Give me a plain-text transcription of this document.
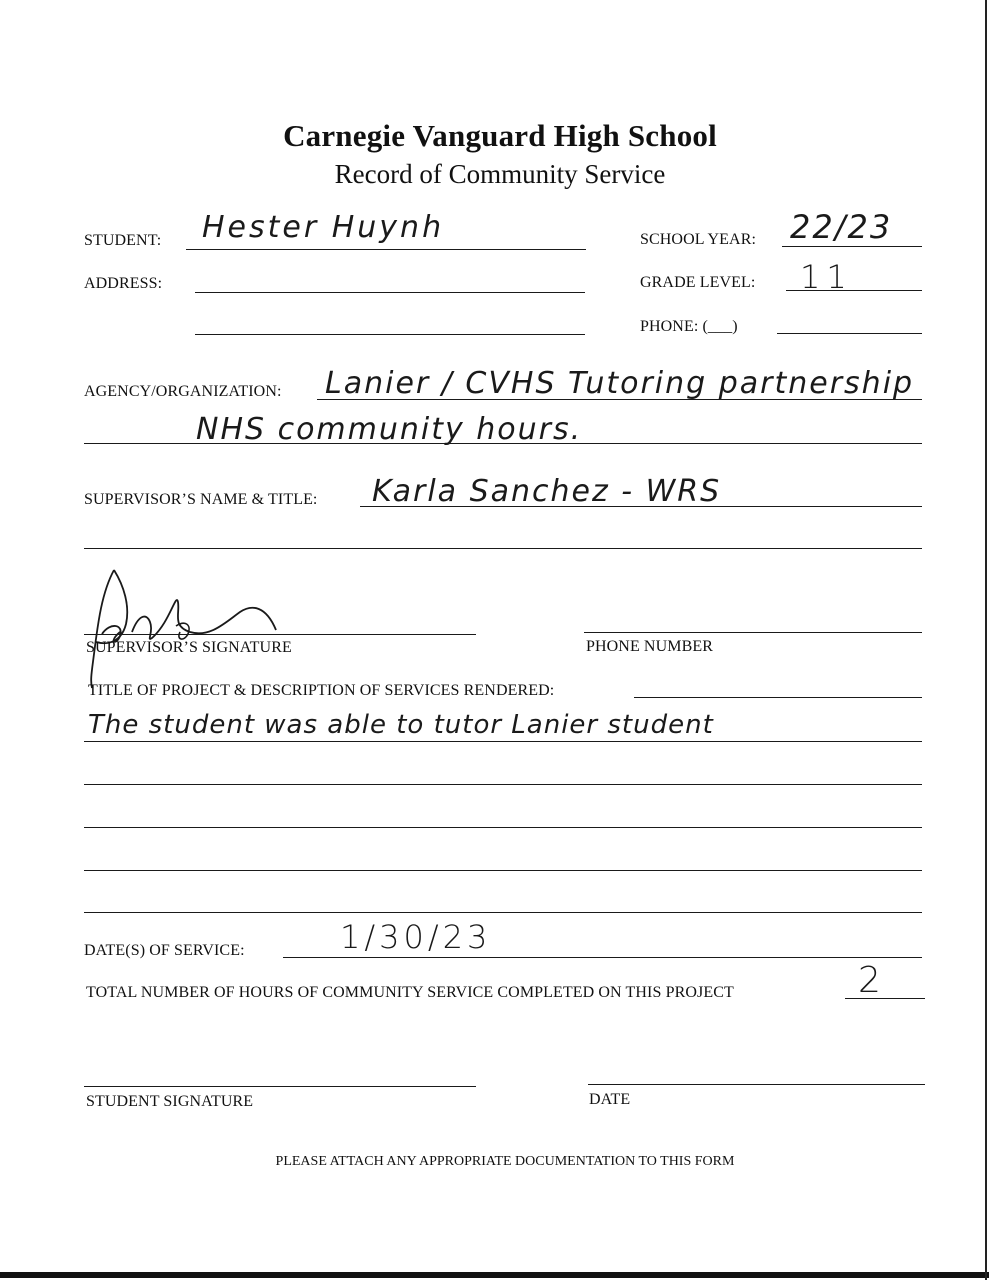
Carnegie Vanguard High School
Record of Community Service
STUDENT: Hester Huynh	SCHOOL YEAR: 22/23
ADDRESS:	GRADE LEVEL: 11
PHONE: (___)
AGENCY/ORGANIZATION: Lanier / CVHS Tutoring partnership
NHS community hours.
SUPERVISOR’S NAME & TITLE: Karla Sanchez - WRS
SUPERVISOR’S SIGNATURE	PHONE NUMBER
TITLE OF PROJECT & DESCRIPTION OF SERVICES RENDERED:
The student was able to tutor Lanier student
DATE(S) OF SERVICE:	1/30/23
TOTAL NUMBER OF HOURS OF COMMUNITY SERVICE COMPLETED ON THIS PROJECT	2
STUDENT SIGNATURE	DATE
PLEASE ATTACH ANY APPROPRIATE DOCUMENTATION TO THIS FORM
